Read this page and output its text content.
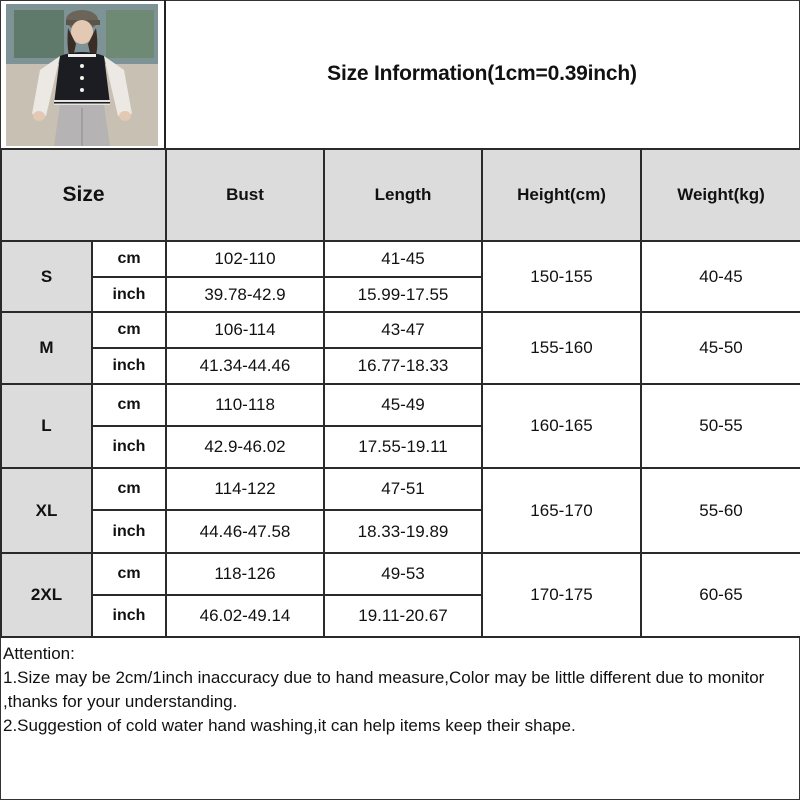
Size Information(1cm=0.39inch)
Size		Bust	Length	Height(cm)	Weight(kg)
S	cm	102-110	41-45	150-155	40-45
	inch	39.78-42.9	15.99-17.55		
M	cm	106-114	43-47	155-160	45-50
	inch	41.34-44.46	16.77-18.33		
L	cm	110-118	45-49	160-165	50-55
	inch	42.9-46.02	17.55-19.11		
XL	cm	114-122	47-51	165-170	55-60
	inch	44.46-47.58	18.33-19.89		
2XL	cm	118-126	49-53	170-175	60-65
	inch	46.02-49.14	19.11-20.67		
Attention:
1.Size may be 2cm/1inch inaccuracy due to hand measure,Color may be little different due to monitor ,thanks for your understanding.
2.Suggestion of cold water hand washing,it can help items keep their shape.
